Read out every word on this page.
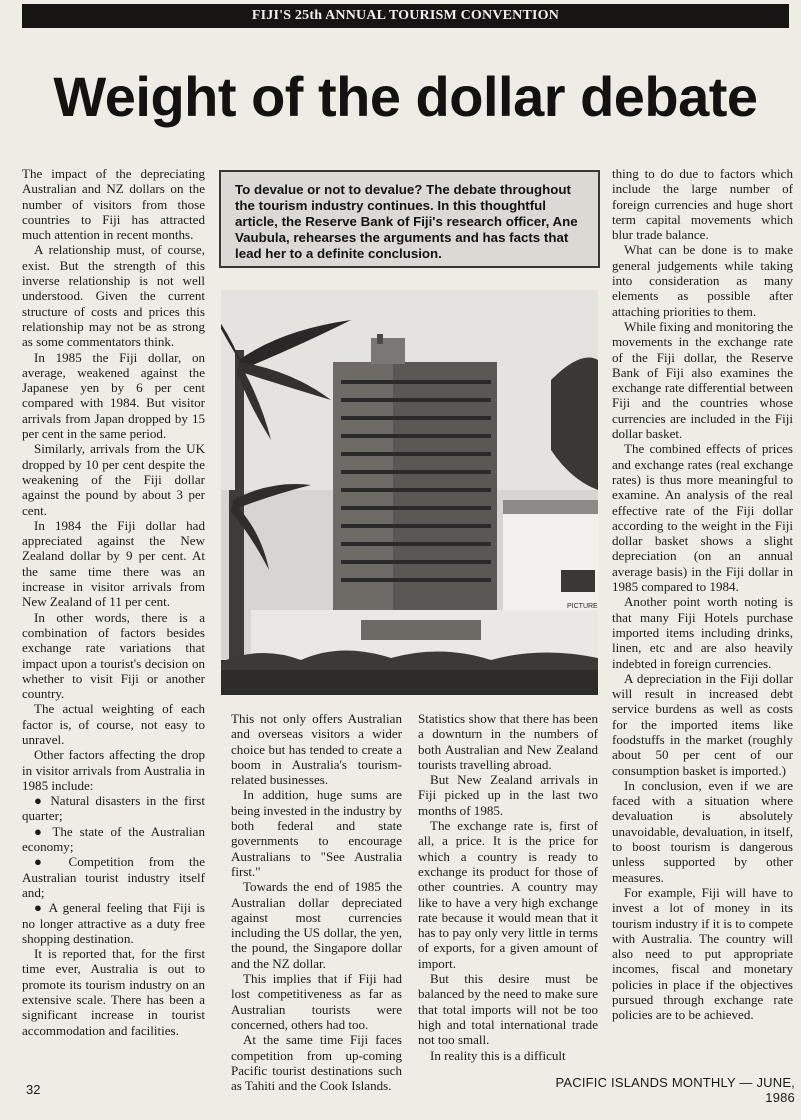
FIJI'S 25th ANNUAL TOURISM CONVENTION
Weight of the dollar debate

The impact of the depreciating Australian and NZ dollars on the number of visitors from those countries to Fiji has attracted much attention in recent months.

A relationship must, of course, exist. But the strength of this inverse relationship is not well understood. Given the current structure of costs and prices this relationship may not be as strong as some commentators think.

In 1985 the Fiji dollar, on average, weakened against the Japanese yen by 6 per cent compared with 1984. But visitor arrivals from Japan dropped by 15 per cent in the same period.

Similarly, arrivals from the UK dropped by 10 per cent despite the weakening of the Fiji dollar against the pound by about 3 per cent.

In 1984 the Fiji dollar had appreciated against the New Zealand dollar by 9 per cent. At the same time there was an increase in visitor arrivals from New Zealand of 11 per cent.

In other words, there is a combination of factors besides exchange rate variations that impact upon a tourist's decision on whether to visit Fiji or another country.

The actual weighting of each factor is, of course, not easy to unravel.

Other factors affecting the drop in visitor arrivals from Australia in 1985 include:

● Natural disasters in the first quarter;

● The state of the Australian economy;

● Competition from the Australian tourist industry itself and;

● A general feeling that Fiji is no longer attractive as a duty free shopping destination.

It is reported that, for the first time ever, Australia is out to promote its tourism industry on an extensive scale. There has been a significant increase in tourist accommodation and facilities.

To devalue or not to devalue? The debate throughout the tourism industry continues. In this thoughtful article, the Reserve Bank of Fiji's research officer, Ane Vaubula, rehearses the arguments and has facts that lead her to a definite conclusion.
PICTURE

This not only offers Australian and overseas visitors a wider choice but has tended to create a boom in Australia's tourism-related businesses.

In addition, huge sums are being invested in the industry by both federal and state governments to encourage Australians to "See Australia first."

Towards the end of 1985 the Australian dollar depreciated against most currencies including the US dollar, the yen, the pound, the Singapore dollar and the NZ dollar.

This implies that if Fiji had lost competitiveness as far as Australian tourists were concerned, others had too.

At the same time Fiji faces competition from up-coming Pacific tourist destinations such as Tahiti and the Cook Islands.

Statistics show that there has been a downturn in the numbers of both Australian and New Zealand tourists travelling abroad.

But New Zealand arrivals in Fiji picked up in the last two months of 1985.

The exchange rate is, first of all, a price. It is the price for which a country is ready to exchange its product for those of other countries. A country may like to have a very high exchange rate because it would mean that it has to pay only very little in terms of exports, for a given amount of import.

But this desire must be balanced by the need to make sure that total imports will not be too high and total international trade not too small.

In reality this is a difficult

thing to do due to factors which include the large number of foreign currencies and huge short term capital movements which blur trade balance.

What can be done is to make general judgements while taking into consideration as many elements as possible after attaching priorities to them.

While fixing and monitoring the movements in the exchange rate of the Fiji dollar, the Reserve Bank of Fiji also examines the exchange rate differential between Fiji and the countries whose currencies are included in the Fiji dollar basket.

The combined effects of prices and exchange rates (real exchange rates) is thus more meaningful to examine. An analysis of the real effective rate of the Fiji dollar according to the weight in the Fiji dollar basket shows a slight depreciation (on an annual average basis) in the Fiji dollar in 1985 compared to 1984.

Another point worth noting is that many Fiji Hotels purchase imported items including drinks, linen, etc and are also heavily indebted in foreign currencies.

A depreciation in the Fiji dollar will result in increased debt service burdens as well as costs for the imported items like foodstuffs in the market (roughly about 50 per cent of our consumption basket is imported.)

In conclusion, even if we are faced with a situation where devaluation is absolutely unavoidable, devaluation, in itself, to boost tourism is dangerous unless supported by other measures.

For example, Fiji will have to invest a lot of money in its tourism industry if it is to compete with Australia. The country will also need to put appropriate incomes, fiscal and monetary policies in place if the objectives pursued through exchange rate policies are to be achieved.

32	PACIFIC ISLANDS MONTHLY — JUNE, 1986
